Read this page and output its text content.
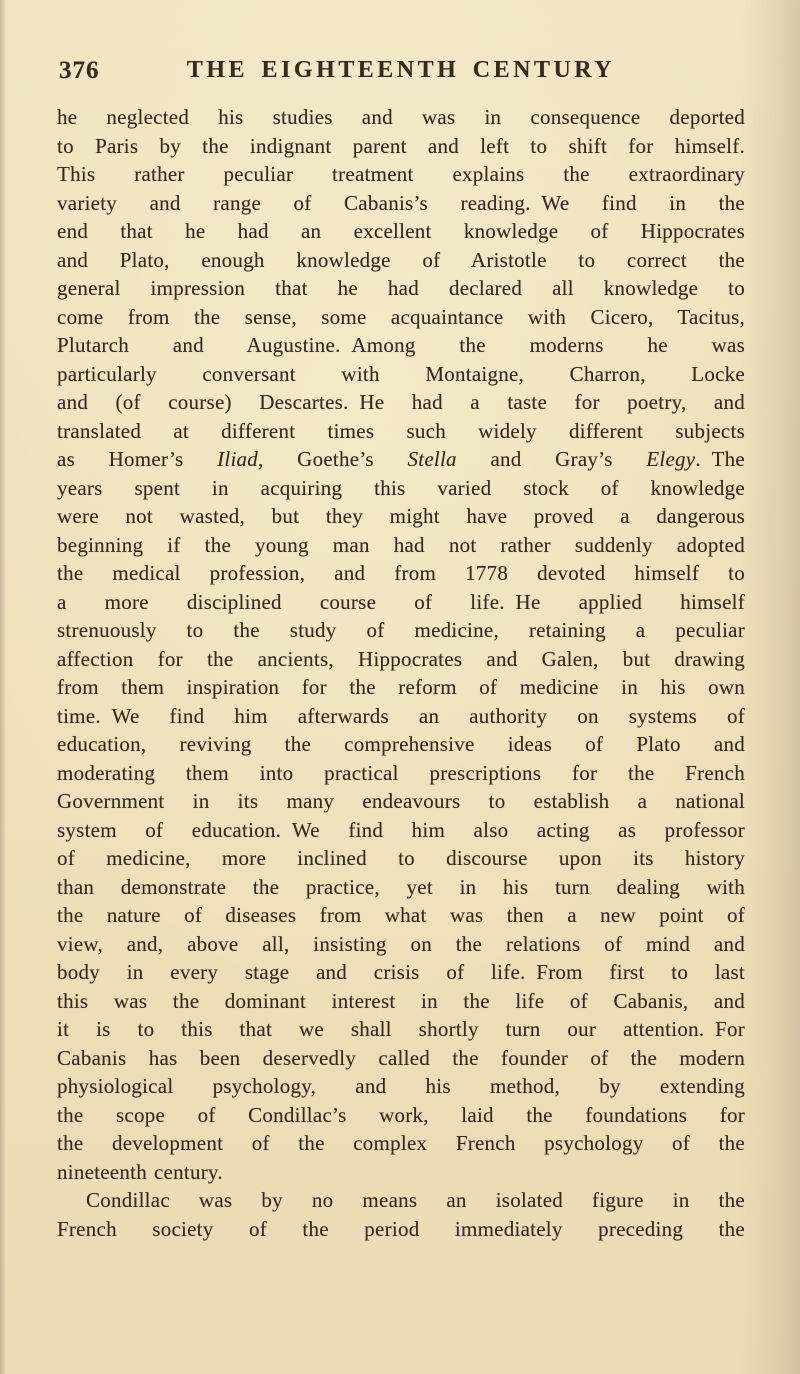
376	THE EIGHTEENTH CENTURY
he neglected his studies and was in consequence deported
to Paris by the indignant parent and left to shift for himself.
This rather peculiar treatment explains the extraordinary
variety and range of Cabanis’s reading. We find in the
end that he had an excellent knowledge of Hippocrates
and Plato, enough knowledge of Aristotle to correct the
general impression that he had declared all knowledge to
come from the sense, some acquaintance with Cicero, Tacitus,
Plutarch and Augustine. Among the moderns he was
particularly conversant with Montaigne, Charron, Locke
and (of course) Descartes. He had a taste for poetry, and
translated at different times such widely different subjects
as Homer’s Iliad, Goethe’s Stella and Gray’s Elegy. The
years spent in acquiring this varied stock of knowledge
were not wasted, but they might have proved a dangerous
beginning if the young man had not rather suddenly adopted
the medical profession, and from 1778 devoted himself to
a more disciplined course of life. He applied himself
strenuously to the study of medicine, retaining a peculiar
affection for the ancients, Hippocrates and Galen, but drawing
from them inspiration for the reform of medicine in his own
time. We find him afterwards an authority on systems of
education, reviving the comprehensive ideas of Plato and
moderating them into practical prescriptions for the French
Government in its many endeavours to establish a national
system of education. We find him also acting as professor
of medicine, more inclined to discourse upon its history
than demonstrate the practice, yet in his turn dealing with
the nature of diseases from what was then a new point of
view, and, above all, insisting on the relations of mind and
body in every stage and crisis of life. From first to last
this was the dominant interest in the life of Cabanis, and
it is to this that we shall shortly turn our attention. For
Cabanis has been deservedly called the founder of the modern
physiological psychology, and his method, by extending
the scope of Condillac’s work, laid the foundations for
the development of the complex French psychology of the
nineteenth century.
Condillac was by no means an isolated figure in the
French society of the period immediately preceding the
